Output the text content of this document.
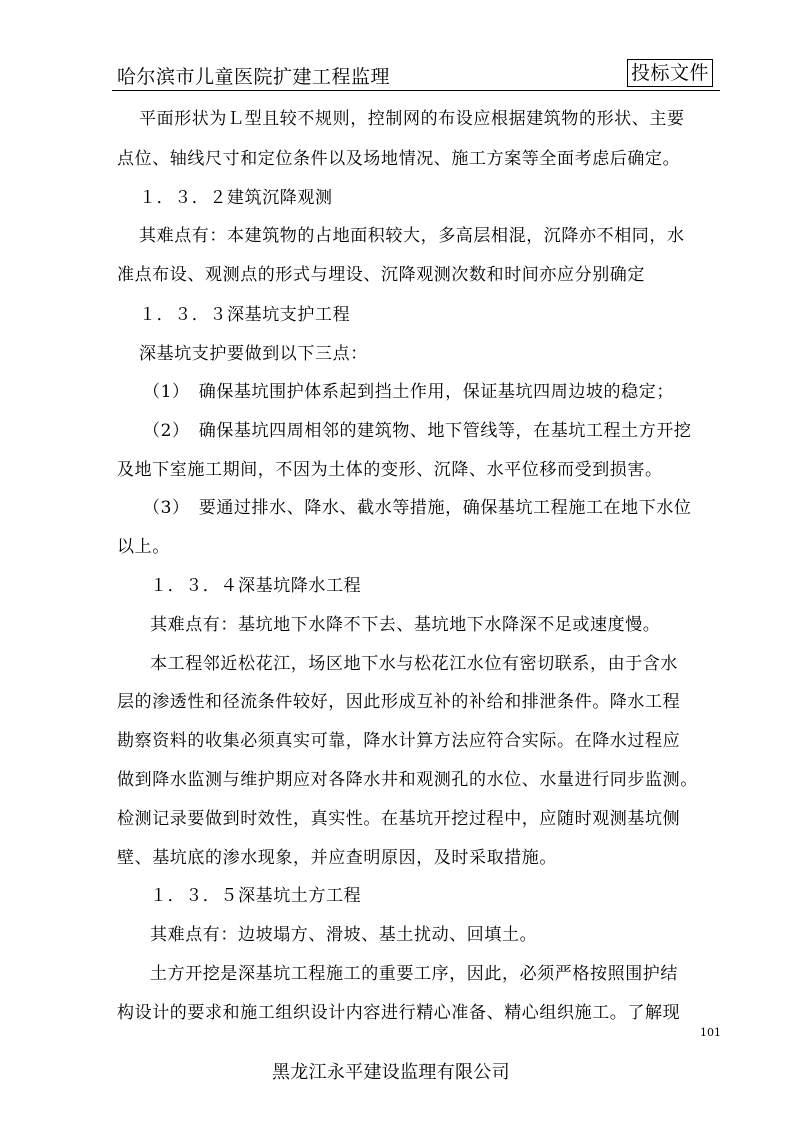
哈尔滨市儿童医院扩建工程监理	投标文件
平面形状为Ｌ型且较不规则，控制网的布设应根据建筑物的形状、主要
点位、轴线尺寸和定位条件以及场地情况、施工方案等全面考虑后确定。
１．３．２建筑沉降观测
其难点有：本建筑物的占地面积较大，多高层相混，沉降亦不相同，水
准点布设、观测点的形式与埋设、沉降观测次数和时间亦应分别确定
１．３．３深基坑支护工程
深基坑支护要做到以下三点：
（1）　确保基坑围护体系起到挡土作用，保证基坑四周边坡的稳定；
（2）　确保基坑四周相邻的建筑物、地下管线等，在基坑工程土方开挖
及地下室施工期间，不因为土体的变形、沉降、水平位移而受到损害。
（3）　要通过排水、降水、截水等措施，确保基坑工程施工在地下水位
以上。
１．３．４深基坑降水工程
其难点有：基坑地下水降不下去、基坑地下水降深不足或速度慢。
本工程邻近松花江，场区地下水与松花江水位有密切联系，由于含水
层的渗透性和径流条件较好，因此形成互补的补给和排泄条件。降水工程
勘察资料的收集必须真实可靠，降水计算方法应符合实际。在降水过程应
做到降水监测与维护期应对各降水井和观测孔的水位、水量进行同步监测。
检测记录要做到时效性，真实性。在基坑开挖过程中，应随时观测基坑侧
壁、基坑底的渗水现象，并应查明原因，及时采取措施。
１．３．５深基坑土方工程
其难点有：边坡塌方、滑坡、基土扰动、回填土。
土方开挖是深基坑工程施工的重要工序，因此，必须严格按照围护结
构设计的要求和施工组织设计内容进行精心准备、精心组织施工。了解现
101
黑龙江永平建设监理有限公司
